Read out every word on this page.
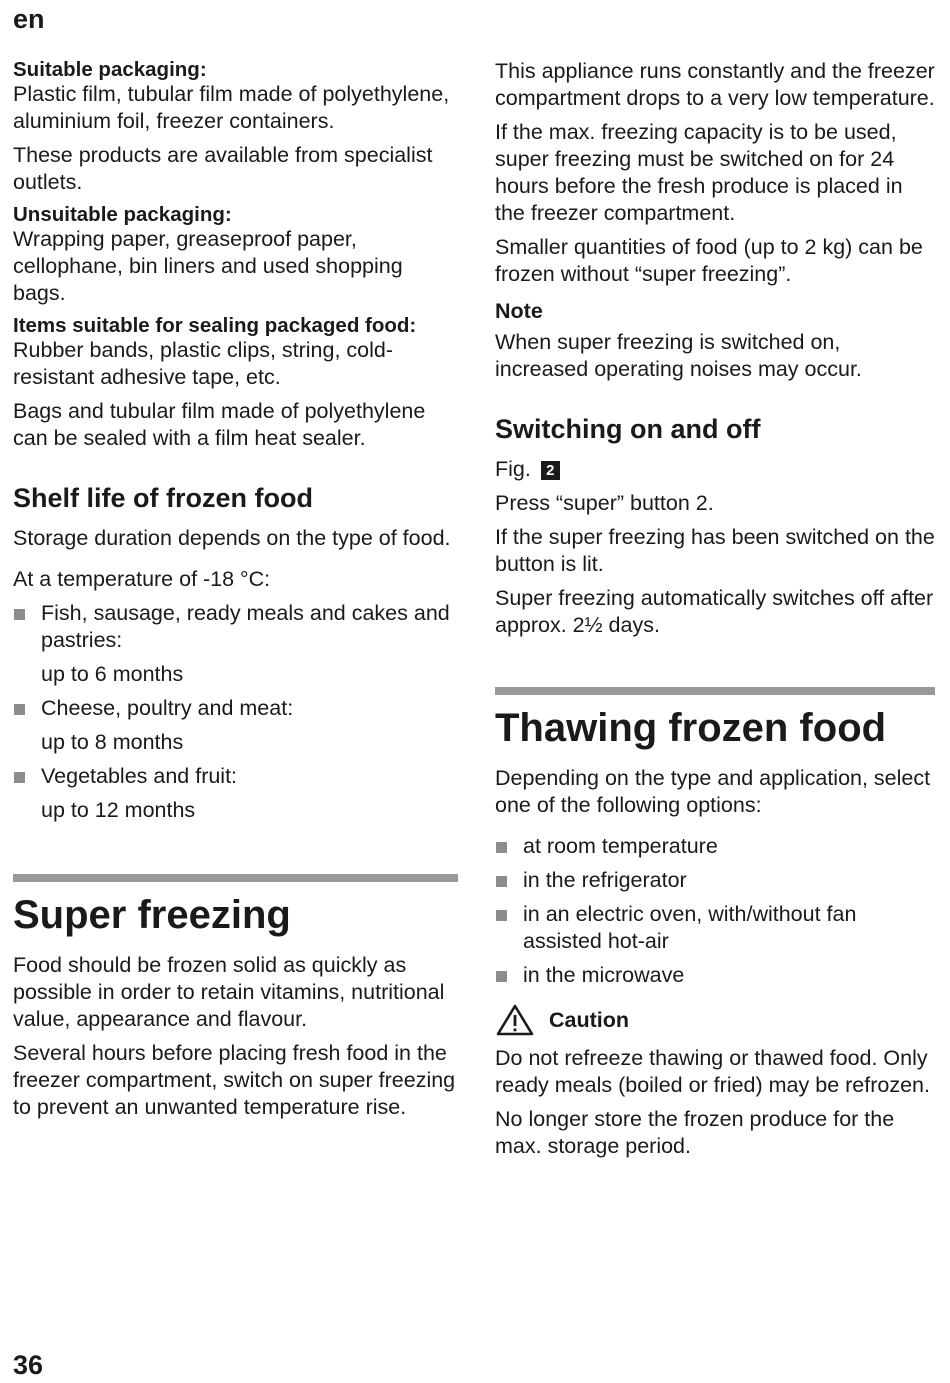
en

Suitable packaging:
Plastic film, tubular film made of polyethylene, aluminium foil, freezer containers.

These products are available from specialist outlets.

Unsuitable packaging:
Wrapping paper, greaseproof paper, cellophane, bin liners and used shopping bags.

Items suitable for sealing packaged food:
Rubber bands, plastic clips, string, cold-resistant adhesive tape, etc.

Bags and tubular film made of polyethylene can be sealed with a film heat sealer.

Shelf life of frozen food

Storage duration depends on the type of food.

At a temperature of -18 °C:

Fish, sausage, ready meals and cakes and pastries:
up to 6 months
Cheese, poultry and meat:
up to 8 months
Vegetables and fruit:
up to 12 months
Super freezing

Food should be frozen solid as quickly as possible in order to retain vitamins, nutritional value, appearance and flavour.

Several hours before placing fresh food in the freezer compartment, switch on super freezing to prevent an unwanted temperature rise.

This appliance runs constantly and the freezer compartment drops to a very low temperature.

If the max. freezing capacity is to be used, super freezing must be switched on for 24 hours before the fresh produce is placed in the freezer compartment.

Smaller quantities of food (up to 2 kg) can be frozen without “super freezing”.

Note

When super freezing is switched on, increased operating noises may occur.

Switching on and off

Fig. 2

Press “super” button 2.

If the super freezing has been switched on the button is lit.

Super freezing automatically switches off after approx. 2½ days.

Thawing frozen food

Depending on the type and application, select one of the following options:

at room temperature
in the refrigerator
in an electric oven, with/without fan assisted hot-air
in the microwave
Caution

Do not refreeze thawing or thawed food. Only ready meals (boiled or fried) may be refrozen.

No longer store the frozen produce for the max. storage period.

36
